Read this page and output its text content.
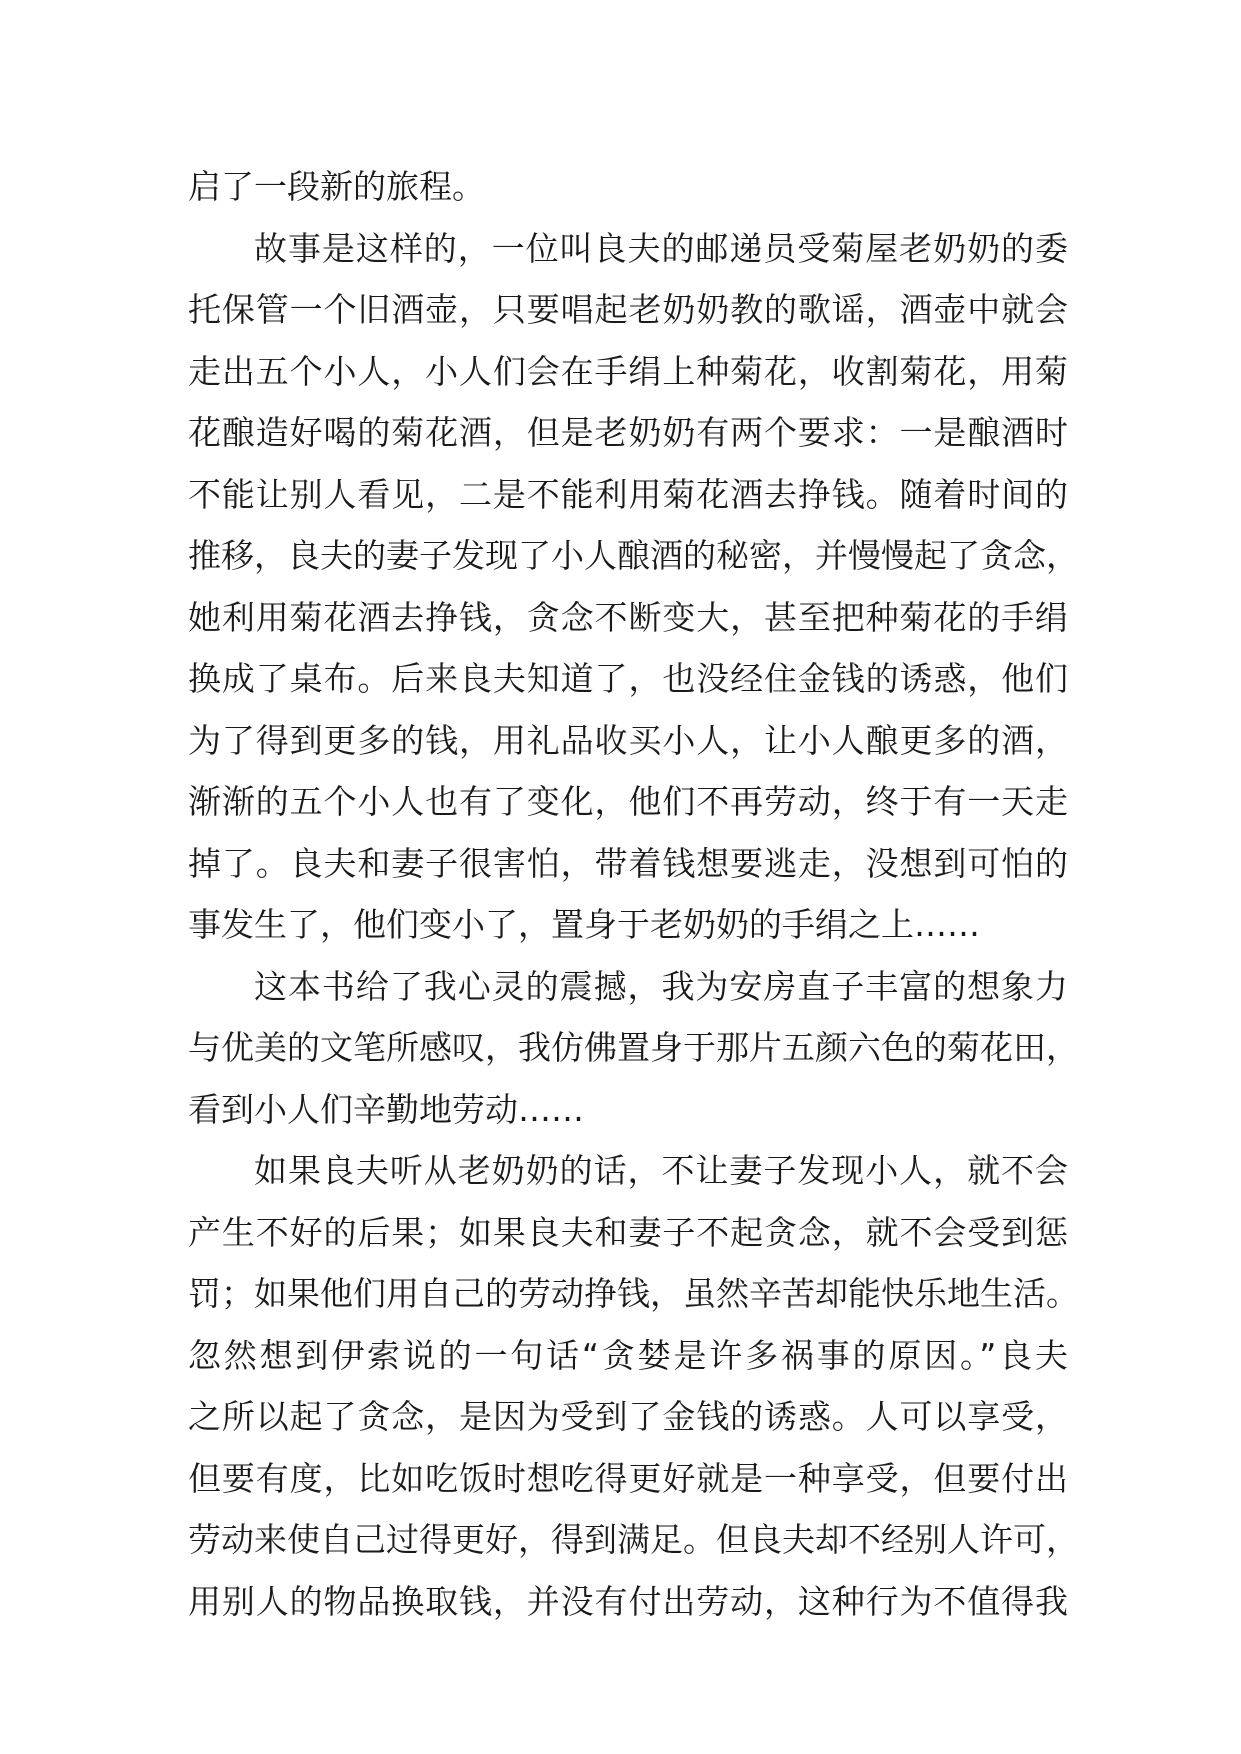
启了一段新的旅程。
故事是这样的，一位叫良夫的邮递员受菊屋老奶奶的委
托保管一个旧酒壶，只要唱起老奶奶教的歌谣，酒壶中就会
走出五个小人，小人们会在手绢上种菊花，收割菊花，用菊
花酿造好喝的菊花酒，但是老奶奶有两个要求：一是酿酒时
不能让别人看见，二是不能利用菊花酒去挣钱。随着时间的
推移，良夫的妻子发现了小人酿酒的秘密，并慢慢起了贪念，
她利用菊花酒去挣钱，贪念不断变大，甚至把种菊花的手绢
换成了桌布。后来良夫知道了，也没经住金钱的诱惑，他们
为了得到更多的钱，用礼品收买小人，让小人酿更多的酒，
渐渐的五个小人也有了变化，他们不再劳动，终于有一天走
掉了。良夫和妻子很害怕，带着钱想要逃走，没想到可怕的
事发生了，他们变小了，置身于老奶奶的手绢之上……
这本书给了我心灵的震撼，我为安房直子丰富的想象力
与优美的文笔所感叹，我仿佛置身于那片五颜六色的菊花田，
看到小人们辛勤地劳动……
如果良夫听从老奶奶的话，不让妻子发现小人，就不会
产生不好的后果；如果良夫和妻子不起贪念，就不会受到惩
罚；如果他们用自己的劳动挣钱，虽然辛苦却能快乐地生活。
忽然想到伊索说的一句话“贪婪是许多祸事的原因。”良夫
之所以起了贪念，是因为受到了金钱的诱惑。人可以享受，
但要有度，比如吃饭时想吃得更好就是一种享受，但要付出
劳动来使自己过得更好，得到满足。但良夫却不经别人许可，
用别人的物品换取钱，并没有付出劳动，这种行为不值得我
